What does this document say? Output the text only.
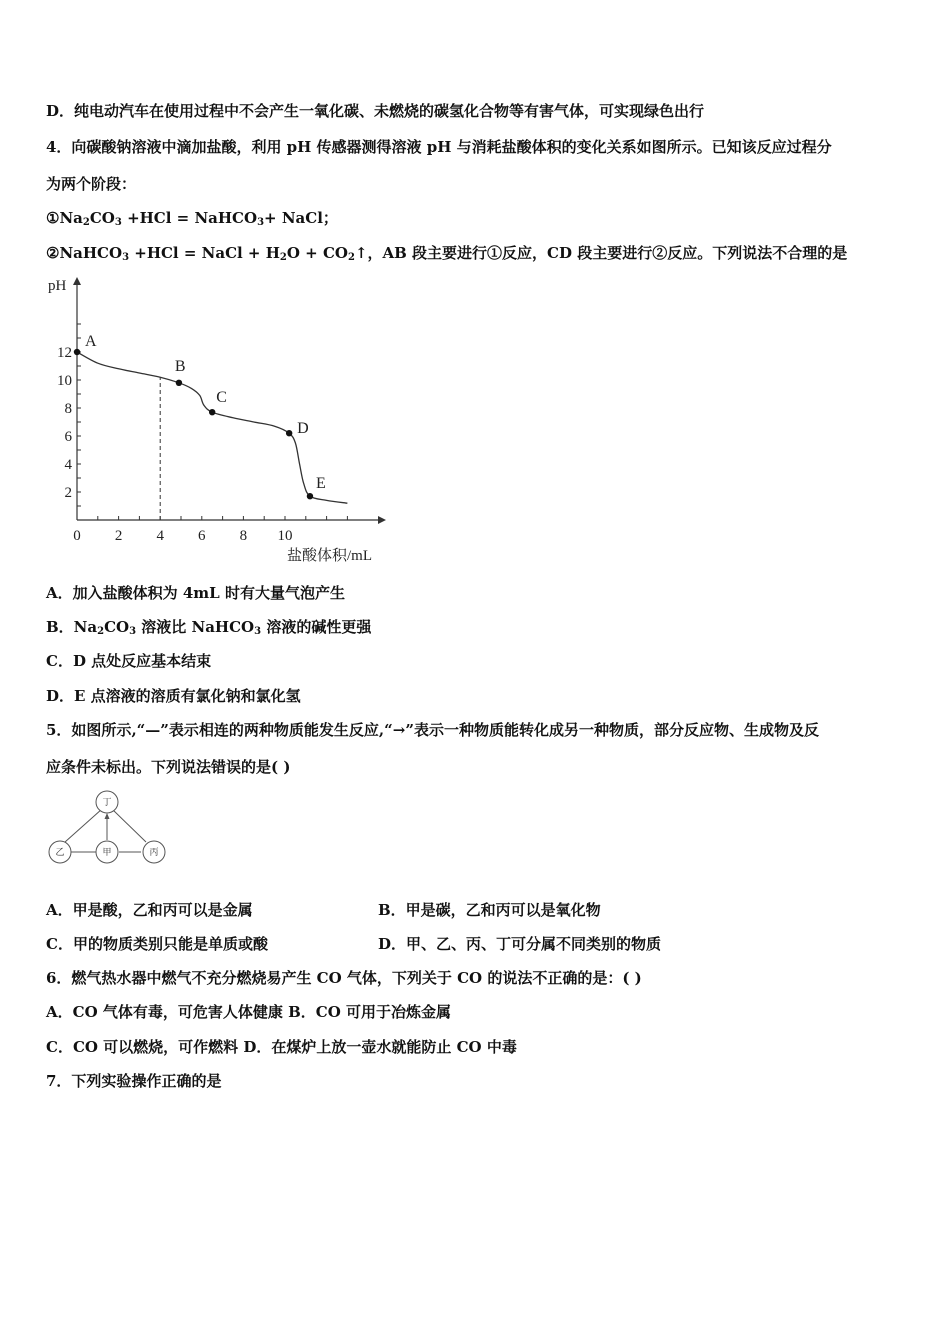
D．纯电动汽车在使用过程中不会产生一氧化碳、未燃烧的碳氢化合物等有害气体，可实现绿色出行
4．向碳酸钠溶液中滴加盐酸，利用 pH 传感器测得溶液 pH 与消耗盐酸体积的变化关系如图所示。已知该反应过程分
为两个阶段：
$①Na_2CO_3 +HCl$ = NaHCO$_3$+ NaCl；
②NaHCO$_3$ +HCl = NaCl + $H_2O$ + $CO_2↑$，AB 段主要进行①反应，CD 段主要进行②反应。下列说法不合理的是
2
4
6
8
10
12
0 2 4 6 8 10
pH
盐酸体积/mL
A
B
C
D
E
A．加入盐酸体积为 4mL 时有大量气泡产生
B．$Na_2CO_3$ 溶液比 NaHCO$_3$ 溶液的碱性更强
C．D 点处反应基本结束
D．E 点溶液的溶质有氯化钠和氯化氢
5．如图所示,“—”表示相连的两种物质能发生反应,“→”表示一种物质能转化成另一种物质，部分反应物、生成物及反
应条件未标出。下列说法错误的是( )
丁
乙	甲	丙
A．甲是酸，乙和丙可以是金属	B．甲是碳，乙和丙可以是氧化物
C．甲的物质类别只能是单质或酸	D．甲、乙、丙、丁可分属不同类别的物质
6．燃气热水器中燃气不充分燃烧易产生 CO 气体，下列关于 CO 的说法不正确的是：( )
A．CO 气体有毒，可危害人体健康 B．CO 可用于冶炼金属
C．CO 可以燃烧，可作燃料 D．在煤炉上放一壶水就能防止 CO 中毒
7．下列实验操作正确的是
